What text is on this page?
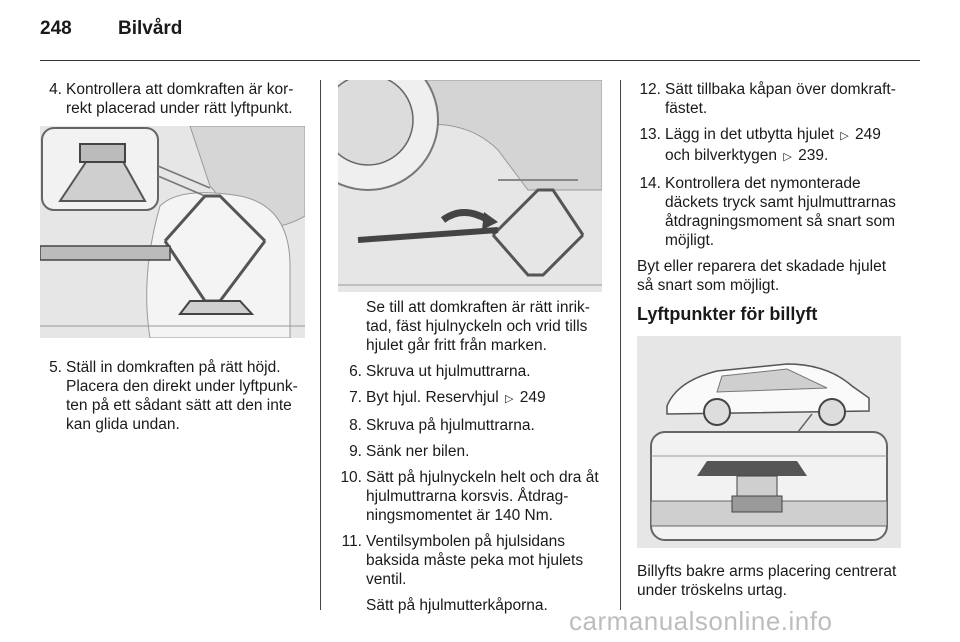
248 Bilvård
4. Kontrollera att domkraften är kor-
rekt placerad under rätt lyftpunkt.
5. Ställ in domkraften på rätt höjd.
Placera den direkt under lyftpunk-
ten på ett sådant sätt att den inte
kan glida undan.
Se till att domkraften är rätt inrik-
tad, fäst hjulnyckeln och vrid tills
hjulet går fritt från marken.
6. Skruva ut hjulmuttrarna.
7. Byt hjul. Reservhjul ▷ 249
8. Skruva på hjulmuttrarna.
9. Sänk ner bilen.
10. Sätt på hjulnyckeln helt och dra åt
hjulmuttrarna korsvis. Åtdrag-
ningsmomentet är 140 Nm.
11. Ventilsymbolen på hjulsidans
baksida måste peka mot hjulets
ventil.
Sätt på hjulmutterkåporna.
12. Sätt tillbaka kåpan över domkraft-
fästet.
13. Lägg in det utbytta hjulet ▷ 249
och bilverktygen ▷ 239.
14. Kontrollera det nymonterade
däckets tryck samt hjulmuttrarnas
åtdragningsmoment så snart som
möjligt.
Byt eller reparera det skadade hjulet
så snart som möjligt.
Lyftpunkter för billyft
Billyfts bakre arms placering centrerat
under tröskelns urtag.
carmanualsonline.info
